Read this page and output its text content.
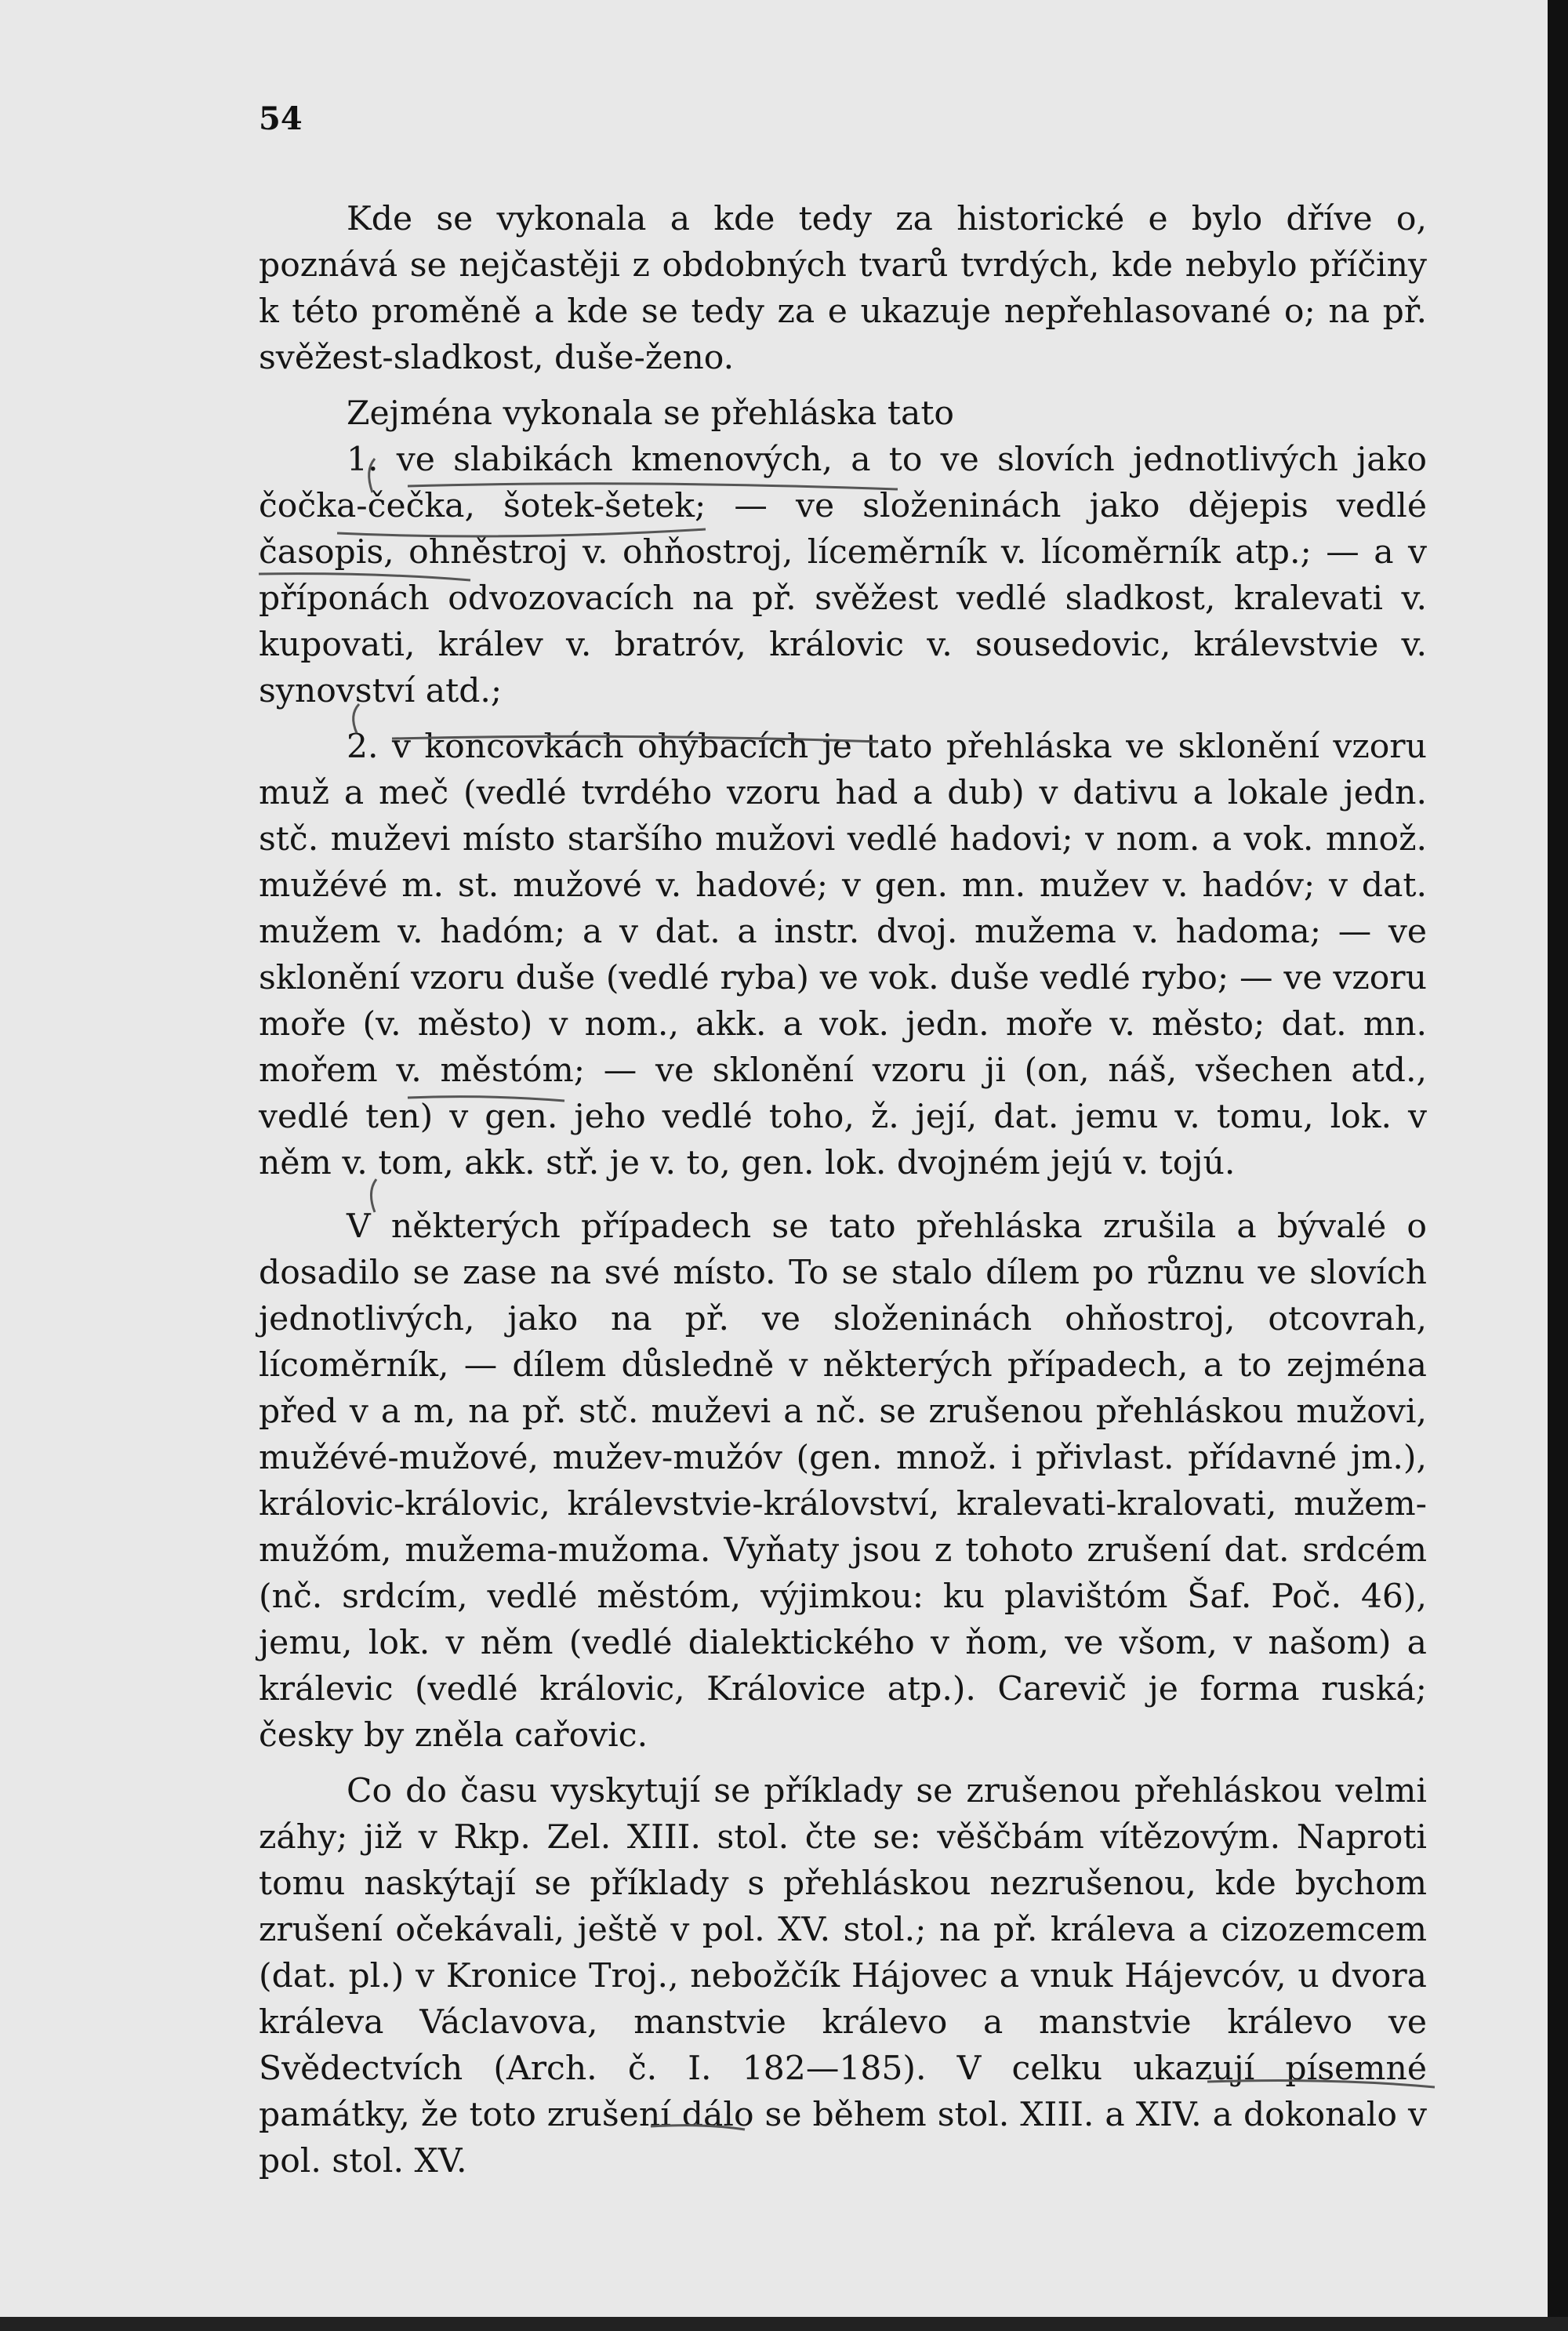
54

Kde se vykonala a kde tedy za historické e bylo dříve o, poznává se nejčastěji z obdobných tvarů tvrdých, kde nebylo příčiny k této proměně a kde se tedy za e ukazuje nepřehlasované o; na př. svěžest-sladkost, duše-ženo.

Zejména vykonala se přehláska tato

1. ve slabikách kmenových, a to ve slovích jednotlivých jako čočka-čečka, šotek-šetek; — ve složeninách jako dějepis vedlé časopis, ohněstroj v. ohňostroj, líceměrník v. lícoměrník atp.; — a v příponách odvozovacích na př. svěžest vedlé sladkost, kralevati v. kupovati, králev v. bratróv, královic v. sousedovic, králevstvie v. synovství atd.;

2. v koncovkách ohýbacích je tato přehláska ve sklonění vzoru muž a meč (vedlé tvrdého vzoru had a dub) v dativu a lokale jedn. stč. muževi místo staršího mužovi vedlé hadovi; v nom. a vok. množ. mužévé m. st. mužové v. hadové; v gen. mn. mužev v. hadóv; v dat. mužem v. hadóm; a v dat. a instr. dvoj. mužema v. hadoma; — ve sklonění vzoru duše (vedlé ryba) ve vok. duše vedlé rybo; — ve vzoru moře (v. město) v nom., akk. a vok. jedn. moře v. město; dat. mn. mořem v. městóm; — ve sklonění vzoru ji (on, náš, všechen atd., vedlé ten) v gen. jeho vedlé toho, ž. její, dat. jemu v. tomu, lok. v něm v. tom, akk. stř. je v. to, gen. lok. dvojném jejú v. tojú.

V některých případech se tato přehláska zrušila a bývalé o dosadilo se zase na své místo. To se stalo dílem po různu ve slovích jednotlivých, jako na př. ve složeninách ohňostroj, otcovrah, lícoměrník, — dílem důsledně v některých případech, a to zejména před v a m, na př. stč. muževi a nč. se zrušenou přehláskou mužovi, mužévé-mužové, mužev-mužóv (gen. množ. i přivlast. přídavné jm.), královic-královic, králevstvie-království, kralevati-kralovati, mužem-mužóm, mužema-mužoma. Vyňaty jsou z tohoto zrušení dat. srdcém (nč. srdcím, vedlé městóm, výjimkou: ku plavištóm Šaf. Poč. 46), jemu, lok. v něm (vedlé dialektického v ňom, ve všom, v našom) a králevic (vedlé královic, Královice atp.). Carevič je forma ruská; česky by zněla cařovic.

Co do času vyskytují se příklady se zrušenou přehláskou velmi záhy; již v Rkp. Zel. XIII. stol. čte se: věščbám vítězovým. Naproti tomu naskýtají se příklady s přehláskou nezrušenou, kde bychom zrušení očekávali, ještě v pol. XV. stol.; na př. králeva a cizozemcem (dat. pl.) v Kronice Troj., nebožčík Hájovec a vnuk Hájevcóv, u dvora králeva Václavova, manstvie králevo a manstvie králevo ve Svědectvích (Arch. č. I. 182—185). V celku ukazují písemné památky, že toto zrušení dálo se během stol. XIII. a XIV. a dokonalo v pol. stol. XV.
